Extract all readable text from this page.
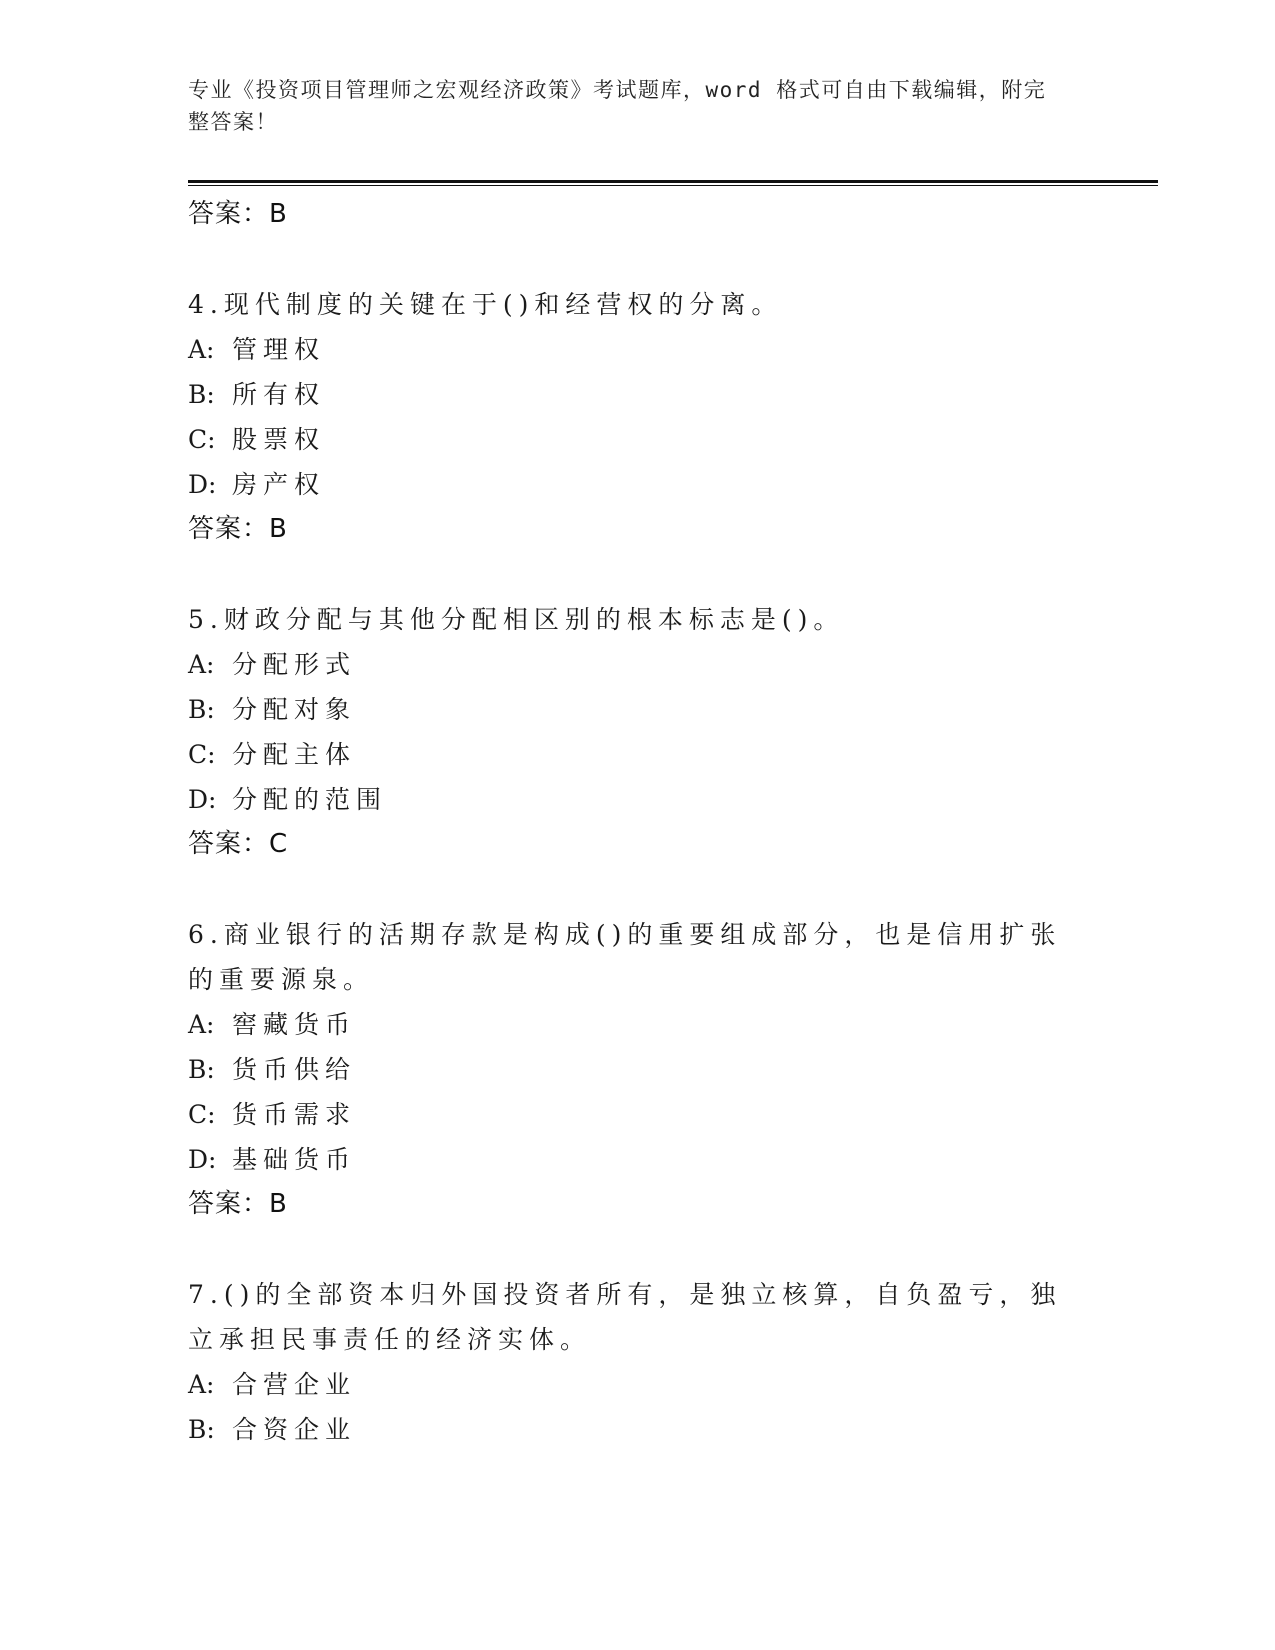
专业《投资项目管理师之宏观经济政策》考试题库，word 格式可自由下载编辑，附完整答案！
答案：B
4.现代制度的关键在于()和经营权的分离。
A: 管理权
B: 所有权
C: 股票权
D: 房产权
答案：B
5.财政分配与其他分配相区别的根本标志是()。
A: 分配形式
B: 分配对象
C: 分配主体
D: 分配的范围
答案：C
6.商业银行的活期存款是构成()的重要组成部分，也是信用扩张的重要源泉。
A: 窖藏货币
B: 货币供给
C: 货币需求
D: 基础货币
答案：B
7.()的全部资本归外国投资者所有，是独立核算，自负盈亏，独立承担民事责任的经济实体。
A: 合营企业
B: 合资企业
